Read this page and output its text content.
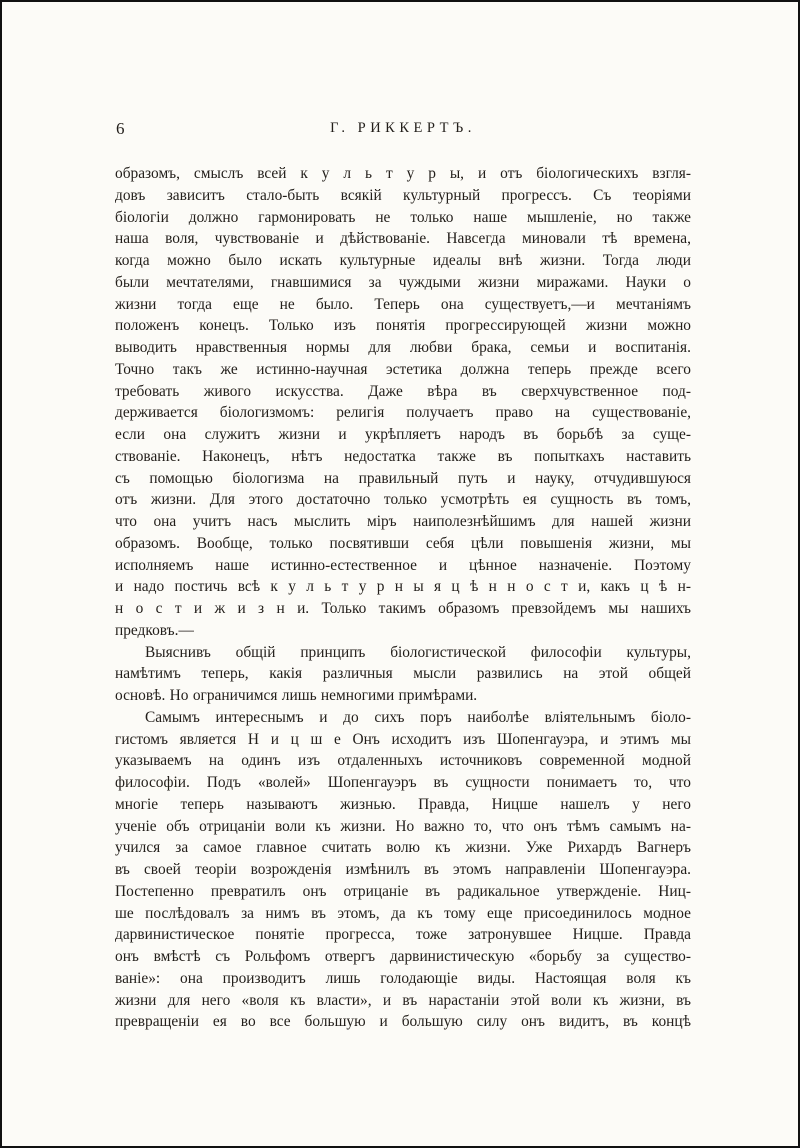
6	Г. РИККЕРТЪ.
образомъ, смыслъ всей к у л ь т у р ы, и отъ біологическихъ взгля-
довъ зависитъ стало-быть всякій культурный прогрессъ. Съ теоріями
біологіи должно гармонировать не только наше мышленіе, но также
наша воля, чувствованіе и дѣйствованіе. Навсегда миновали тѣ времена,
когда можно было искать культурные идеалы внѣ жизни. Тогда люди
были мечтателями, гнавшимися за чуждыми жизни миражами. Науки о
жизни тогда еще не было. Теперь она существуетъ,—и мечтаніямъ
положенъ конецъ. Только изъ понятія прогрессирующей жизни можно
выводить нравственныя нормы для любви брака, семьи и воспитанія.
Точно такъ же истинно-научная эстетика должна теперь прежде всего
требовать живого искусства. Даже вѣра въ сверхчувственное под-
держивается біологизмомъ: религія получаетъ право на существованіе,
если она служитъ жизни и укрѣпляетъ народъ въ борьбѣ за суще-
ствованіе. Наконецъ, нѣтъ недостатка также въ попыткахъ наставить
съ помощью біологизма на правильный путь и науку, отчудившуюся
отъ жизни. Для этого достаточно только усмотрѣть ея сущность въ томъ,
что она учитъ насъ мыслить міръ наиполезнѣйшимъ для нашей жизни
образомъ. Вообще, только посвятивши себя цѣли повышенія жизни, мы
исполняемъ наше истинно-естественное и цѣнное назначеніе. Поэтому
и надо постичь всѣ к у л ь т у р н ы я ц ѣ н н о с т и, какъ ц ѣ н-
н о с т и ж и з н и. Только такимъ образомъ превзойдемъ мы нашихъ
предковъ.—
Выяснивъ общій принципъ біологистической философіи культуры,
намѣтимъ теперь, какія различныя мысли развились на этой общей
основѣ. Но ограничимся лишь немногими примѣрами.
Самымъ интереснымъ и до сихъ поръ наиболѣе вліятельнымъ біоло-
гистомъ является Н и ц ш е Онъ исходитъ изъ Шопенгауэра, и этимъ мы
указываемъ на одинъ изъ отдаленныхъ источниковъ современной модной
философіи. Подъ «волей» Шопенгауэръ въ сущности понимаетъ то, что
многіе теперь называютъ жизнью. Правда, Ницше нашелъ у него
ученіе объ отрицаніи воли къ жизни. Но важно то, что онъ тѣмъ самымъ на-
учился за самое главное считать волю къ жизни. Уже Рихардъ Вагнеръ
въ своей теоріи возрожденія измѣнилъ въ этомъ направленіи Шопенгауэра.
Постепенно превратилъ онъ отрицаніе въ радикальное утвержденіе. Ниц-
ше послѣдовалъ за нимъ въ этомъ, да къ тому еще присоединилось модное
дарвинистическое понятіе прогресса, тоже затронувшее Ницше. Правда
онъ вмѣстѣ съ Рольфомъ отвергъ дарвинистическую «борьбу за существо-
ваніе»: она производитъ лишь голодающіе виды. Настоящая воля къ
жизни для него «воля къ власти», и въ нарастаніи этой воли къ жизни, въ
превращеніи ея во все большую и большую силу онъ видитъ, въ концѣ
